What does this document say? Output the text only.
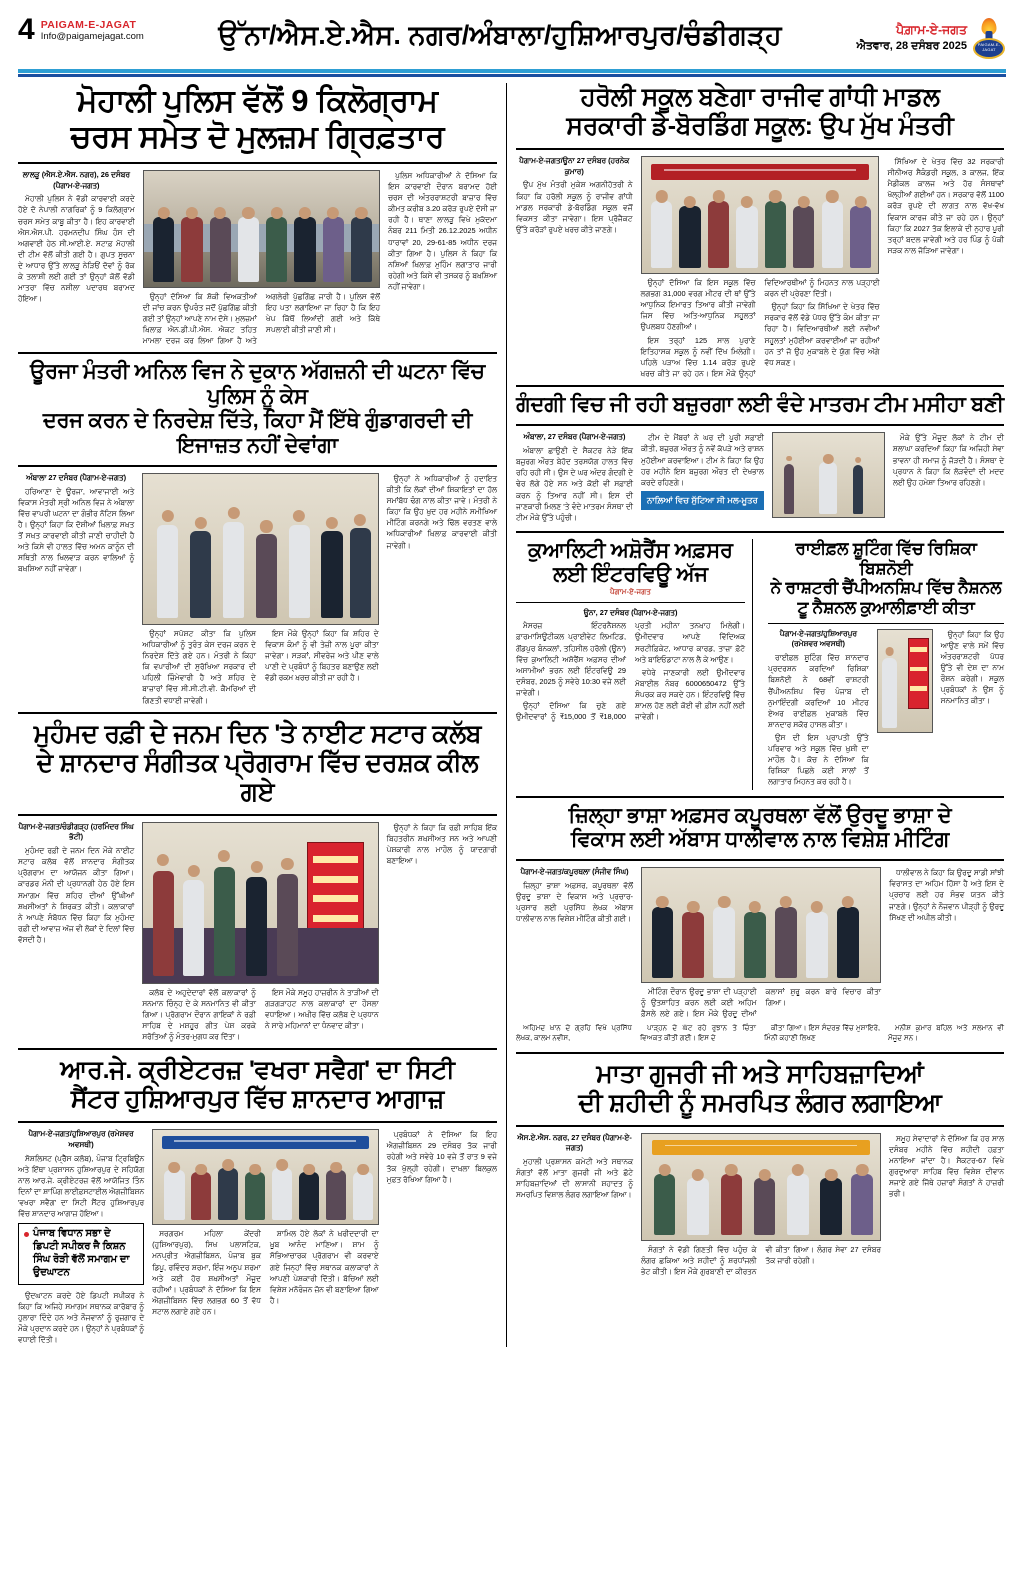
4 PAIGAM-E-JAGAT
Info@paigamejagat.com	ਉੱਨਾ/ਐਸ.ਏ.ਐਸ. ਨਗਰ/ਅੰਬਾਲਾ/ਹੁਸ਼ਿਆਰਪੁਰ/ਚੰਡੀਗੜ੍ਹ	ਪੈਗ਼ਾਮ-ਏ-ਜਗਤ
ਐਤਵਾਰ, 28 ਦਸੰਬਰ 2025	PAIGAM-E-JAGAT
ਮੋਹਾਲੀ ਪੁਲਿਸ ਵੱਲੋਂ 9 ਕਿਲੋਗ੍ਰਾਮ
ਚਰਸ ਸਮੇਤ ਦੋ ਮੁਲਜ਼ਮ ਗ੍ਰਿਫ਼ਤਾਰ
ਲਾਲੜੂ (ਐਸ.ਏ.ਐਸ. ਨਗਰ), 26 ਦਸੰਬਰ (ਪੈਗਾਮ-ਏ-ਜਗਤ)

ਮੋਹਾਲੀ ਪੁਲਿਸ ਨੇ ਵੱਡੀ ਕਾਰਵਾਈ ਕਰਦੇ ਹੋਏ ਦੋ ਨੇਪਾਲੀ ਨਾਗਰਿਕਾਂ ਨੂੰ 9 ਕਿਲੋਗ੍ਰਾਮ ਚਰਸ ਸਮੇਤ ਕਾਬੂ ਕੀਤਾ ਹੈ। ਇਹ ਕਾਰਵਾਈ ਐਸ.ਐਸ.ਪੀ. ਹਰਮਨਦੀਪ ਸਿੰਘ ਹੰਸ ਦੀ ਅਗਵਾਈ ਹੇਠ ਸੀ.ਆਈ.ਏ. ਸਟਾਫ਼ ਮੋਹਾਲੀ ਦੀ ਟੀਮ ਵੱਲੋਂ ਕੀਤੀ ਗਈ ਹੈ। ਗੁਪਤ ਸੂਚਨਾ ਦੇ ਆਧਾਰ ਉੱਤੇ ਲਾਲੜੂ ਨੇੜਿਓਂ ਦੋਵਾਂ ਨੂੰ ਰੋਕ ਕੇ ਤਲਾਸ਼ੀ ਲਈ ਗਈ ਤਾਂ ਉਨ੍ਹਾਂ ਕੋਲੋਂ ਵੱਡੀ ਮਾਤਰਾ ਵਿੱਚ ਨਸ਼ੀਲਾ ਪਦਾਰਥ ਬਰਾਮਦ ਹੋਇਆ।	ਉਨ੍ਹਾਂ ਦੱਸਿਆ ਕਿ ਸ਼ੱਕੀ ਵਿਅਕਤੀਆਂ ਦੀ ਜਾਂਚ ਕਰਨ ਉਪਰੰਤ ਜਦੋਂ ਪੁੱਛਗਿੱਛ ਕੀਤੀ ਗਈ ਤਾਂ ਉਨ੍ਹਾਂ ਆਪਣੇ ਨਾਮ ਦੱਸੇ। ਮੁਲਜ਼ਮਾਂ ਖ਼ਿਲਾਫ਼ ਐਨ.ਡੀ.ਪੀ.ਐਸ. ਐਕਟ ਤਹਿਤ ਮਾਮਲਾ ਦਰਜ ਕਰ ਲਿਆ ਗਿਆ ਹੈ ਅਤੇ ਅਗਲੇਰੀ ਪੁੱਛਗਿੱਛ ਜਾਰੀ ਹੈ। ਪੁਲਿਸ ਵੱਲੋਂ ਇਹ ਪਤਾ ਲਗਾਇਆ ਜਾ ਰਿਹਾ ਹੈ ਕਿ ਇਹ ਖੇਪ ਕਿੱਥੋਂ ਲਿਆਂਦੀ ਗਈ ਅਤੇ ਕਿੱਥੇ ਸਪਲਾਈ ਕੀਤੀ ਜਾਣੀ ਸੀ।

ਪੁਲਿਸ ਅਧਿਕਾਰੀਆਂ ਨੇ ਦੱਸਿਆ ਕਿ ਇਸ ਕਾਰਵਾਈ ਦੌਰਾਨ ਬਰਾਮਦ ਹੋਈ ਚਰਸ ਦੀ ਅੰਤਰਰਾਸ਼ਟਰੀ ਬਾਜ਼ਾਰ ਵਿੱਚ ਕੀਮਤ ਕਰੀਬ 3.20 ਕਰੋੜ ਰੁਪਏ ਦੱਸੀ ਜਾ ਰਹੀ ਹੈ। ਥਾਣਾ ਲਾਲੜੂ ਵਿਖੇ ਮੁਕੱਦਮਾ ਨੰਬਰ 211 ਮਿਤੀ 26.12.2025 ਅਧੀਨ ਧਾਰਾਵਾਂ 20, 29-61-85 ਅਧੀਨ ਦਰਜ ਕੀਤਾ ਗਿਆ ਹੈ। ਪੁਲਿਸ ਨੇ ਕਿਹਾ ਕਿ ਨਸ਼ਿਆਂ ਖ਼ਿਲਾਫ਼ ਮੁਹਿੰਮ ਲਗਾਤਾਰ ਜਾਰੀ ਰਹੇਗੀ ਅਤੇ ਕਿਸੇ ਵੀ ਤਸਕਰ ਨੂੰ ਬਖ਼ਸ਼ਿਆ ਨਹੀਂ ਜਾਵੇਗਾ।

ਊਰਜਾ ਮੰਤਰੀ ਅਨਿਲ ਵਿਜ ਨੇ ਦੁਕਾਨ ਅੱਗਜ਼ਨੀ ਦੀ ਘਟਨਾ ਵਿੱਚ ਪੁਲਿਸ ਨੂੰ ਕੇਸ
ਦਰਜ ਕਰਨ ਦੇ ਨਿਰਦੇਸ਼ ਦਿੱਤੇ, ਕਿਹਾ ਮੈਂ ਇੱਥੇ ਗੁੰਡਾਗਰਦੀ ਦੀ ਇਜਾਜ਼ਤ ਨਹੀਂ ਦੇਵਾਂਗਾ
ਅੰਬਾਲਾ 27 ਦਸੰਬਰ (ਪੈਗਾਮ-ਏ-ਜਗਤ)

ਹਰਿਆਣਾ ਦੇ ਊਰਜਾ, ਆਵਾਜਾਈ ਅਤੇ ਵਿਕਾਸ ਮੰਤਰੀ ਸ੍ਰੀ ਅਨਿਲ ਵਿਜ ਨੇ ਅੰਬਾਲਾ ਵਿੱਚ ਵਾਪਰੀ ਘਟਨਾ ਦਾ ਗੰਭੀਰ ਨੋਟਿਸ ਲਿਆ ਹੈ। ਉਨ੍ਹਾਂ ਕਿਹਾ ਕਿ ਦੋਸ਼ੀਆਂ ਖ਼ਿਲਾਫ਼ ਸਖ਼ਤ ਤੋਂ ਸਖ਼ਤ ਕਾਰਵਾਈ ਕੀਤੀ ਜਾਣੀ ਚਾਹੀਦੀ ਹੈ ਅਤੇ ਕਿਸੇ ਵੀ ਹਾਲਤ ਵਿੱਚ ਅਮਨ ਕਾਨੂੰਨ ਦੀ ਸਥਿਤੀ ਨਾਲ ਖਿਲਵਾੜ ਕਰਨ ਵਾਲਿਆਂ ਨੂੰ ਬਖ਼ਸ਼ਿਆ ਨਹੀਂ ਜਾਵੇਗਾ।

ਉਨ੍ਹਾਂ ਸਪੱਸ਼ਟ ਕੀਤਾ ਕਿ ਪੁਲਿਸ ਅਧਿਕਾਰੀਆਂ ਨੂੰ ਤੁਰੰਤ ਕੇਸ ਦਰਜ ਕਰਨ ਦੇ ਨਿਰਦੇਸ਼ ਦਿੱਤੇ ਗਏ ਹਨ। ਮੰਤਰੀ ਨੇ ਕਿਹਾ ਕਿ ਵਪਾਰੀਆਂ ਦੀ ਸੁਰੱਖਿਆ ਸਰਕਾਰ ਦੀ ਪਹਿਲੀ ਜ਼ਿੰਮੇਵਾਰੀ ਹੈ ਅਤੇ ਸ਼ਹਿਰ ਦੇ ਬਾਜ਼ਾਰਾਂ ਵਿੱਚ ਸੀ.ਸੀ.ਟੀ.ਵੀ. ਕੈਮਰਿਆਂ ਦੀ ਗਿਣਤੀ ਵਧਾਈ ਜਾਵੇਗੀ।

ਇਸ ਮੌਕੇ ਉਨ੍ਹਾਂ ਕਿਹਾ ਕਿ ਸ਼ਹਿਰ ਦੇ ਵਿਕਾਸ ਕੰਮਾਂ ਨੂੰ ਵੀ ਤੇਜ਼ੀ ਨਾਲ ਪੂਰਾ ਕੀਤਾ ਜਾਵੇਗਾ। ਸੜਕਾਂ, ਸੀਵਰੇਜ ਅਤੇ ਪੀਣ ਵਾਲੇ ਪਾਣੀ ਦੇ ਪ੍ਰਬੰਧਾਂ ਨੂੰ ਬਿਹਤਰ ਬਣਾਉਣ ਲਈ ਵੱਡੀ ਰਕਮ ਖ਼ਰਚ ਕੀਤੀ ਜਾ ਰਹੀ ਹੈ।

ਉਨ੍ਹਾਂ ਨੇ ਅਧਿਕਾਰੀਆਂ ਨੂੰ ਹਦਾਇਤ ਕੀਤੀ ਕਿ ਲੋਕਾਂ ਦੀਆਂ ਸ਼ਿਕਾਇਤਾਂ ਦਾ ਹੱਲ ਸਮਾਂਬੱਧ ਢੰਗ ਨਾਲ ਕੀਤਾ ਜਾਵੇ। ਮੰਤਰੀ ਨੇ ਕਿਹਾ ਕਿ ਉਹ ਖ਼ੁਦ ਹਰ ਮਹੀਨੇ ਸਮੀਖਿਆ ਮੀਟਿੰਗ ਕਰਨਗੇ ਅਤੇ ਢਿੱਲ ਵਰਤਣ ਵਾਲੇ ਅਧਿਕਾਰੀਆਂ ਖ਼ਿਲਾਫ਼ ਕਾਰਵਾਈ ਕੀਤੀ ਜਾਵੇਗੀ।

ਮੁਹੰਮਦ ਰਫ਼ੀ ਦੇ ਜਨਮ ਦਿਨ 'ਤੇ ਨਾਈਟ ਸਟਾਰ ਕਲੱਬ
ਦੇ ਸ਼ਾਨਦਾਰ ਸੰਗੀਤਕ ਪ੍ਰੋਗਰਾਮ ਵਿੱਚ ਦਰਸ਼ਕ ਕੀਲ ਗਏ
ਪੈਗਾਮ-ਏ-ਜਗਤ/ਚੰਡੀਗੜ੍ਹ (ਹਰਮਿੰਦਰ ਸਿੰਘ ਭੱਟੀ)

ਮੁਹੰਮਦ ਰਫ਼ੀ ਦੇ ਜਨਮ ਦਿਨ ਮੌਕੇ ਨਾਈਟ ਸਟਾਰ ਕਲੱਬ ਵੱਲੋਂ ਸ਼ਾਨਦਾਰ ਸੰਗੀਤਕ ਪ੍ਰੋਗਰਾਮ ਦਾ ਆਯੋਜਨ ਕੀਤਾ ਗਿਆ। ਕਾਰਡਰ ਮੰਨੀ ਦੀ ਪ੍ਰਧਾਨਗੀ ਹੇਠ ਹੋਏ ਇਸ ਸਮਾਗਮ ਵਿੱਚ ਸ਼ਹਿਰ ਦੀਆਂ ਉੱਘੀਆਂ ਸ਼ਖ਼ਸੀਅਤਾਂ ਨੇ ਸ਼ਿਰਕਤ ਕੀਤੀ। ਕਲਾਕਾਰਾਂ ਨੇ ਆਪਣੇ ਸੰਬੋਧਨ ਵਿੱਚ ਕਿਹਾ ਕਿ ਮੁਹੰਮਦ ਰਫ਼ੀ ਦੀ ਆਵਾਜ਼ ਅੱਜ ਵੀ ਲੋਕਾਂ ਦੇ ਦਿਲਾਂ ਵਿੱਚ ਵੱਸਦੀ ਹੈ।

ਕਲੱਬ ਦੇ ਅਹੁਦੇਦਾਰਾਂ ਵੱਲੋਂ ਕਲਾਕਾਰਾਂ ਨੂੰ ਸਨਮਾਨ ਚਿੰਨ੍ਹ ਦੇ ਕੇ ਸਨਮਾਨਿਤ ਵੀ ਕੀਤਾ ਗਿਆ। ਪ੍ਰੋਗਰਾਮ ਦੌਰਾਨ ਗਾਇਕਾਂ ਨੇ ਰਫ਼ੀ ਸਾਹਿਬ ਦੇ ਮਸ਼ਹੂਰ ਗੀਤ ਪੇਸ਼ ਕਰਕੇ ਸਰੋਤਿਆਂ ਨੂੰ ਮੰਤਰ-ਮੁਗਧ ਕਰ ਦਿੱਤਾ।

ਇਸ ਮੌਕੇ ਸਮੂਹ ਹਾਜ਼ਰੀਨ ਨੇ ਤਾੜੀਆਂ ਦੀ ਗੜਗੜਾਹਟ ਨਾਲ ਕਲਾਕਾਰਾਂ ਦਾ ਹੌਸਲਾ ਵਧਾਇਆ। ਅਖ਼ੀਰ ਵਿੱਚ ਕਲੱਬ ਦੇ ਪ੍ਰਧਾਨ ਨੇ ਸਾਰੇ ਮਹਿਮਾਨਾਂ ਦਾ ਧੰਨਵਾਦ ਕੀਤਾ।

ਉਨ੍ਹਾਂ ਨੇ ਕਿਹਾ ਕਿ ਰਫ਼ੀ ਸਾਹਿਬ ਇੱਕ ਬਿਹਤਰੀਨ ਸ਼ਖ਼ਸੀਅਤ ਸਨ ਅਤੇ ਆਪਣੀ ਪੇਸ਼ਕਾਰੀ ਨਾਲ ਮਾਹੌਲ ਨੂੰ ਯਾਦਗਾਰੀ ਬਣਾਇਆ।

ਆਰ.ਜੇ. ਕ੍ਰੀਏਟਰਜ਼ 'ਵਖਰਾ ਸਵੈਗ' ਦਾ ਸਿਟੀ
ਸੈਂਟਰ ਹੁਸ਼ਿਆਰਪੁਰ ਵਿੱਚ ਸ਼ਾਨਦਾਰ ਆਗਾਜ਼
ਪੈਗਾਮ-ਏ-ਜਗਤ/ਹੁਸ਼ਿਆਰਪੁਰ (ਰਮੇਸ਼ਵਰ ਅਵਸਥੀ)

ਸੋਸ਼ਲਿਸਟ (ਪ੍ਰੈੱਸ ਕਲੱਬ), ਪੰਜਾਬ ਟ੍ਰਿਬਿਊਨ ਅਤੇ ਇੱਥਾ ਪ੍ਰਸ਼ਾਸਨ ਹੁਸ਼ਿਆਰਪੁਰ ਦੇ ਸਹਿਯੋਗ ਨਾਲ ਆਰ.ਜੇ. ਕ੍ਰੀਏਟਰਜ਼ ਵੱਲੋਂ ਆਯੋਜਿਤ ਤਿੰਨ ਦਿਨਾਂ ਦਾ ਸ਼ਾਪਿੰਗ ਲਾਈਫ਼ਸਟਾਈਲ ਐਗਜ਼ੀਬਿਸ਼ਨ 'ਵਖਰਾ ਸਵੈਗ' ਦਾ ਸਿਟੀ ਸੈਂਟਰ ਹੁਸ਼ਿਆਰਪੁਰ ਵਿੱਚ ਸ਼ਾਨਦਾਰ ਆਗਾਜ਼ ਹੋਇਆ।

ਪੰਜਾਬ ਵਿਧਾਨ ਸਭਾ ਦੇ ਡਿਪਟੀ ਸਪੀਕਰ ਜੈ ਕਿਸ਼ਨ ਸਿੰਘ ਰੋੜੀ ਵੱਲੋਂ ਸਮਾਗਮ ਦਾ ਉਦਘਾਟਨ

ਉਦਘਾਟਨ ਕਰਦੇ ਹੋਏ ਡਿਪਟੀ ਸਪੀਕਰ ਨੇ ਕਿਹਾ ਕਿ ਅਜਿਹੇ ਸਮਾਗਮ ਸਥਾਨਕ ਕਾਰੋਬਾਰ ਨੂੰ ਹੁਲਾਰਾ ਦਿੰਦੇ ਹਨ ਅਤੇ ਨੌਜਵਾਨਾਂ ਨੂੰ ਰੁਜ਼ਗਾਰ ਦੇ ਮੌਕੇ ਪ੍ਰਦਾਨ ਕਰਦੇ ਹਨ। ਉਨ੍ਹਾਂ ਨੇ ਪ੍ਰਬੰਧਕਾਂ ਨੂੰ ਵਧਾਈ ਦਿੱਤੀ।

ਸਰਗਰਮ ਮਹਿਲਾ ਕੇਂਦਰੀ (ਹੁਸ਼ਿਆਰਪੁਰ), ਸਿਖ ਪਲਾਸਟਿਕ, ਮਨਪ੍ਰੀਤ ਐਗਜ਼ੀਬਿਸ਼ਨ, ਪੰਜਾਬ ਬੁਕ ਡਿਪੂ, ਰਵਿੰਦਰ ਸ਼ਰਮਾ, ਇੰਜ ਅਨੂਪ ਸ਼ਰਮਾ ਅਤੇ ਕਈ ਹੋਰ ਸ਼ਖ਼ਸੀਅਤਾਂ ਮੌਜੂਦ ਰਹੀਆਂ। ਪ੍ਰਬੰਧਕਾਂ ਨੇ ਦੱਸਿਆ ਕਿ ਇਸ ਐਗਜ਼ੀਬਿਸ਼ਨ ਵਿੱਚ ਲਗਭਗ 60 ਤੋਂ ਵੱਧ ਸਟਾਲ ਲਗਾਏ ਗਏ ਹਨ।

ਸ਼ਾਮਿਲ ਹੋਏ ਲੋਕਾਂ ਨੇ ਖ਼ਰੀਦਦਾਰੀ ਦਾ ਖ਼ੂਬ ਆਨੰਦ ਮਾਣਿਆ। ਸ਼ਾਮ ਨੂੰ ਸੱਭਿਆਚਾਰਕ ਪ੍ਰੋਗਰਾਮ ਵੀ ਕਰਵਾਏ ਗਏ ਜਿਨ੍ਹਾਂ ਵਿੱਚ ਸਥਾਨਕ ਕਲਾਕਾਰਾਂ ਨੇ ਆਪਣੀ ਪੇਸ਼ਕਾਰੀ ਦਿੱਤੀ। ਬੱਚਿਆਂ ਲਈ ਵਿਸ਼ੇਸ਼ ਮਨੋਰੰਜਨ ਜ਼ੋਨ ਵੀ ਬਣਾਇਆ ਗਿਆ ਹੈ।

ਪ੍ਰਬੰਧਕਾਂ ਨੇ ਦੱਸਿਆ ਕਿ ਇਹ ਐਗਜ਼ੀਬਿਸ਼ਨ 29 ਦਸੰਬਰ ਤੱਕ ਜਾਰੀ ਰਹੇਗੀ ਅਤੇ ਸਵੇਰੇ 10 ਵਜੇ ਤੋਂ ਰਾਤ 9 ਵਜੇ ਤੱਕ ਖੁੱਲ੍ਹੀ ਰਹੇਗੀ। ਦਾਖ਼ਲਾ ਬਿਲਕੁਲ ਮੁਫ਼ਤ ਰੱਖਿਆ ਗਿਆ ਹੈ।

ਹਰੋਲੀ ਸਕੂਲ ਬਣੇਗਾ ਰਾਜੀਵ ਗਾਂਧੀ ਮਾਡਲ
ਸਰਕਾਰੀ ਡੇ-ਬੋਰਡਿੰਗ ਸਕੂਲ: ਉਪ ਮੁੱਖ ਮੰਤਰੀ
ਪੈਗਾਮ-ਏ-ਜਗਤ/ਊਨਾ 27 ਦਸੰਬਰ (ਹਰਨੇਕ ਕੁਮਾਰ)

ਉਪ ਮੁੱਖ ਮੰਤਰੀ ਮੁਕੇਸ਼ ਅਗਨੀਹੋਤਰੀ ਨੇ ਕਿਹਾ ਕਿ ਹਰੋਲੀ ਸਕੂਲ ਨੂੰ ਰਾਜੀਵ ਗਾਂਧੀ ਮਾਡਲ ਸਰਕਾਰੀ ਡੇ-ਬੋਰਡਿੰਗ ਸਕੂਲ ਵਜੋਂ ਵਿਕਸਤ ਕੀਤਾ ਜਾਵੇਗਾ। ਇਸ ਪ੍ਰੋਜੈਕਟ ਉੱਤੇ ਕਰੋੜਾਂ ਰੁਪਏ ਖ਼ਰਚ ਕੀਤੇ ਜਾਣਗੇ।

ਉਨ੍ਹਾਂ ਦੱਸਿਆ ਕਿ ਇਸ ਸਕੂਲ ਵਿੱਚ ਲਗਭਗ 31,000 ਵਰਗ ਮੀਟਰ ਦੀ ਥਾਂ ਉੱਤੇ ਆਧੁਨਿਕ ਇਮਾਰਤ ਤਿਆਰ ਕੀਤੀ ਜਾਵੇਗੀ ਜਿਸ ਵਿੱਚ ਅਤਿ-ਆਧੁਨਿਕ ਸਹੂਲਤਾਂ ਉਪਲਬਧ ਹੋਣਗੀਆਂ।

ਇਸ ਤਰ੍ਹਾਂ 125 ਸਾਲ ਪੁਰਾਣੇ ਇਤਿਹਾਸਕ ਸਕੂਲ ਨੂੰ ਨਵੀਂ ਦਿੱਖ ਮਿਲੇਗੀ। ਪਹਿਲੇ ਪੜਾਅ ਵਿੱਚ 1.14 ਕਰੋੜ ਰੁਪਏ ਖ਼ਰਚ ਕੀਤੇ ਜਾ ਰਹੇ ਹਨ। ਇਸ ਮੌਕੇ ਉਨ੍ਹਾਂ ਵਿਦਿਆਰਥੀਆਂ ਨੂੰ ਮਿਹਨਤ ਨਾਲ ਪੜ੍ਹਾਈ ਕਰਨ ਦੀ ਪ੍ਰੇਰਣਾ ਦਿੱਤੀ।

ਉਨ੍ਹਾਂ ਕਿਹਾ ਕਿ ਸਿੱਖਿਆ ਦੇ ਖੇਤਰ ਵਿੱਚ ਸਰਕਾਰ ਵੱਲੋਂ ਵੱਡੇ ਪੱਧਰ ਉੱਤੇ ਕੰਮ ਕੀਤਾ ਜਾ ਰਿਹਾ ਹੈ। ਵਿਦਿਆਰਥੀਆਂ ਲਈ ਨਵੀਆਂ ਸਹੂਲਤਾਂ ਮੁਹੱਈਆ ਕਰਵਾਈਆਂ ਜਾ ਰਹੀਆਂ ਹਨ ਤਾਂ ਜੋ ਉਹ ਮੁਕਾਬਲੇ ਦੇ ਯੁੱਗ ਵਿੱਚ ਅੱਗੇ ਵੱਧ ਸਕਣ।

ਸਿੱਖਿਆ ਦੇ ਖੇਤਰ ਵਿੱਚ 32 ਸਰਕਾਰੀ ਸੀਨੀਅਰ ਸੈਕੰਡਰੀ ਸਕੂਲ, 3 ਕਾਲਜ, ਇੱਕ ਮੈਡੀਕਲ ਕਾਲਜ ਅਤੇ ਹੋਰ ਸੰਸਥਾਵਾਂ ਖੋਲ੍ਹੀਆਂ ਗਈਆਂ ਹਨ। ਸਰਕਾਰ ਵੱਲੋਂ 1100 ਕਰੋੜ ਰੁਪਏ ਦੀ ਲਾਗਤ ਨਾਲ ਵੱਖ-ਵੱਖ ਵਿਕਾਸ ਕਾਰਜ ਕੀਤੇ ਜਾ ਰਹੇ ਹਨ। ਉਨ੍ਹਾਂ ਕਿਹਾ ਕਿ 2027 ਤੱਕ ਇਲਾਕੇ ਦੀ ਨੁਹਾਰ ਪੂਰੀ ਤਰ੍ਹਾਂ ਬਦਲ ਜਾਵੇਗੀ ਅਤੇ ਹਰ ਪਿੰਡ ਨੂੰ ਪੱਕੀ ਸੜਕ ਨਾਲ ਜੋੜਿਆ ਜਾਵੇਗਾ।

ਗੰਦਗੀ ਵਿਚ ਜੀ ਰਹੀ ਬਜ਼ੁਰਗਾ ਲਈ ਵੰਦੇ ਮਾਤਰਮ ਟੀਮ ਮਸੀਹਾ ਬਣੀ
ਅੰਬਾਲਾ, 27 ਦਸੰਬਰ (ਪੈਗਾਮ-ਏ-ਜਗਤ)

ਅੰਬਾਲਾ ਛਾਉਣੀ ਦੇ ਸੈਕਟਰ ਨੇੜੇ ਇੱਕ ਬਜ਼ੁਰਗ ਔਰਤ ਬੇਹੱਦ ਤਰਸਯੋਗ ਹਾਲਤ ਵਿੱਚ ਰਹਿ ਰਹੀ ਸੀ। ਉਸ ਦੇ ਘਰ ਅੰਦਰ ਗੰਦਗੀ ਦੇ ਢੇਰ ਲੱਗੇ ਹੋਏ ਸਨ ਅਤੇ ਕੋਈ ਵੀ ਸਫ਼ਾਈ ਕਰਨ ਨੂੰ ਤਿਆਰ ਨਹੀਂ ਸੀ। ਇਸ ਦੀ ਜਾਣਕਾਰੀ ਮਿਲਣ 'ਤੇ ਵੰਦੇ ਮਾਤਰਮ ਸੰਸਥਾ ਦੀ ਟੀਮ ਮੌਕੇ ਉੱਤੇ ਪਹੁੰਚੀ।

ਟੀਮ ਦੇ ਮੈਂਬਰਾਂ ਨੇ ਘਰ ਦੀ ਪੂਰੀ ਸਫ਼ਾਈ ਕੀਤੀ, ਬਜ਼ੁਰਗ ਔਰਤ ਨੂੰ ਨਵੇਂ ਕੱਪੜੇ ਅਤੇ ਰਾਸ਼ਨ ਮੁਹੱਈਆ ਕਰਵਾਇਆ। ਟੀਮ ਨੇ ਕਿਹਾ ਕਿ ਉਹ ਹਰ ਮਹੀਨੇ ਇਸ ਬਜ਼ੁਰਗ ਔਰਤ ਦੀ ਦੇਖਭਾਲ ਕਰਦੇ ਰਹਿਣਗੇ।

ਨਾਲ਼ਿਆਂ ਵਿਚ ਸੁੱਟਿਆ ਸੀ ਮਲ-ਮੂਤਰ

ਮੌਕੇ ਉੱਤੇ ਮੌਜੂਦ ਲੋਕਾਂ ਨੇ ਟੀਮ ਦੀ ਸ਼ਲਾਘਾ ਕਰਦਿਆਂ ਕਿਹਾ ਕਿ ਅਜਿਹੀ ਸੇਵਾ ਭਾਵਨਾ ਹੀ ਸਮਾਜ ਨੂੰ ਜੋੜਦੀ ਹੈ। ਸੰਸਥਾ ਦੇ ਪ੍ਰਧਾਨ ਨੇ ਕਿਹਾ ਕਿ ਲੋੜਵੰਦਾਂ ਦੀ ਮਦਦ ਲਈ ਉਹ ਹਮੇਸ਼ਾ ਤਿਆਰ ਰਹਿਣਗੇ।

ਕੁਆਲਿਟੀ ਅਸ਼ੋਰੈਂਸ ਅਫ਼ਸਰ
ਲਈ ਇੰਟਰਵਿਊ ਅੱਜ
ਪੈਗਾਮ-ਏ-ਜਗਤ
ਊਨਾ, 27 ਦਸੰਬਰ (ਪੈਗਾਮ-ਏ-ਜਗਤ)

ਮੈਸਰਜ਼ ਇੰਟਰਨੈਸ਼ਨਲ ਫ਼ਾਰਮਾਸਿਊਟੀਕਲ ਪ੍ਰਾਈਵੇਟ ਲਿਮਟਿਡ, ਗੋਂਡਪੁਰ ਬੰਨਕਲਾਂ, ਤਹਿਸੀਲ ਹਰੋਲੀ (ਊਨਾ) ਵਿੱਚ ਕੁਆਲਿਟੀ ਅਸ਼ੋਰੈਂਸ ਅਫ਼ਸਰ ਦੀਆਂ ਅਸਾਮੀਆਂ ਭਰਨ ਲਈ ਇੰਟਰਵਿਊ 29 ਦਸੰਬਰ, 2025 ਨੂੰ ਸਵੇਰੇ 10:30 ਵਜੇ ਲਈ ਜਾਵੇਗੀ।

ਉਨ੍ਹਾਂ ਦੱਸਿਆ ਕਿ ਚੁਣੇ ਗਏ ਉਮੀਦਵਾਰਾਂ ਨੂੰ ₹15,000 ਤੋਂ ₹18,000 ਪ੍ਰਤੀ ਮਹੀਨਾ ਤਨਖ਼ਾਹ ਮਿਲੇਗੀ। ਉਮੀਦਵਾਰ ਆਪਣੇ ਵਿੱਦਿਅਕ ਸਰਟੀਫ਼ਿਕੇਟ, ਆਧਾਰ ਕਾਰਡ, ਤਾਜ਼ਾ ਫ਼ੋਟੋ ਅਤੇ ਬਾਇਓਡਾਟਾ ਨਾਲ ਲੈ ਕੇ ਆਉਣ।

ਵਧੇਰੇ ਜਾਣਕਾਰੀ ਲਈ ਉਮੀਦਵਾਰ ਮੋਬਾਈਲ ਨੰਬਰ 6000650472 ਉੱਤੇ ਸੰਪਰਕ ਕਰ ਸਕਦੇ ਹਨ। ਇੰਟਰਵਿਊ ਵਿੱਚ ਸ਼ਾਮਲ ਹੋਣ ਲਈ ਕੋਈ ਵੀ ਫ਼ੀਸ ਨਹੀਂ ਲਈ ਜਾਵੇਗੀ।

ਰਾਈਫ਼ਲ ਸ਼ੂਟਿੰਗ ਵਿੱਚ ਰਿਸ਼ਿਕਾ ਬਿਸ਼ਨੋਈ
ਨੇ ਰਾਸ਼ਟਰੀ ਚੈਂਪੀਅਨਸ਼ਿਪ ਵਿੱਚ ਨੈਸ਼ਨਲ
ਟੂ ਨੈਸ਼ਨਲ ਕੁਆਲੀਫ਼ਾਈ ਕੀਤਾ
ਪੈਗਾਮ-ਏ-ਜਗਤ/ਹੁਸ਼ਿਆਰਪੁਰ (ਰਮੇਸ਼ਵਰ ਅਵਸਥੀ)

ਰਾਈਫ਼ਲ ਸ਼ੂਟਿੰਗ ਵਿੱਚ ਸ਼ਾਨਦਾਰ ਪ੍ਰਦਰਸ਼ਨ ਕਰਦਿਆਂ ਰਿਸ਼ਿਕਾ ਬਿਸ਼ਨੋਈ ਨੇ 68ਵੀਂ ਰਾਸ਼ਟਰੀ ਚੈਂਪੀਅਨਸ਼ਿਪ ਵਿੱਚ ਪੰਜਾਬ ਦੀ ਨੁਮਾਇੰਦਗੀ ਕਰਦਿਆਂ 10 ਮੀਟਰ ਏਅਰ ਰਾਈਫ਼ਲ ਮੁਕਾਬਲੇ ਵਿੱਚ ਸ਼ਾਨਦਾਰ ਸਕੋਰ ਹਾਸਲ ਕੀਤਾ।

ਉਸ ਦੀ ਇਸ ਪ੍ਰਾਪਤੀ ਉੱਤੇ ਪਰਿਵਾਰ ਅਤੇ ਸਕੂਲ ਵਿੱਚ ਖ਼ੁਸ਼ੀ ਦਾ ਮਾਹੌਲ ਹੈ। ਕੋਚ ਨੇ ਦੱਸਿਆ ਕਿ ਰਿਸ਼ਿਕਾ ਪਿਛਲੇ ਕਈ ਸਾਲਾਂ ਤੋਂ ਲਗਾਤਾਰ ਮਿਹਨਤ ਕਰ ਰਹੀ ਹੈ।

ਉਨ੍ਹਾਂ ਕਿਹਾ ਕਿ ਉਹ ਆਉਣ ਵਾਲੇ ਸਮੇਂ ਵਿੱਚ ਅੰਤਰਰਾਸ਼ਟਰੀ ਪੱਧਰ ਉੱਤੇ ਵੀ ਦੇਸ਼ ਦਾ ਨਾਮ ਰੌਸ਼ਨ ਕਰੇਗੀ। ਸਕੂਲ ਪ੍ਰਬੰਧਕਾਂ ਨੇ ਉਸ ਨੂੰ ਸਨਮਾਨਿਤ ਕੀਤਾ।

ਜ਼ਿਲ੍ਹਾ ਭਾਸ਼ਾ ਅਫ਼ਸਰ ਕਪੂਰਥਲਾ ਵੱਲੋਂ ਉਰਦੂ ਭਾਸ਼ਾ ਦੇ
ਵਿਕਾਸ ਲਈ ਅੱਬਾਸ ਧਾਲੀਵਾਲ ਨਾਲ ਵਿਸ਼ੇਸ਼ ਮੀਟਿੰਗ
ਪੈਗਾਮ-ਏ-ਜਗਤ/ਕਪੂਰਥਲਾ (ਸੰਜੀਵ ਸਿੰਘ)

ਜ਼ਿਲ੍ਹਾ ਭਾਸ਼ਾ ਅਫ਼ਸਰ, ਕਪੂਰਥਲਾ ਵੱਲੋਂ ਉਰਦੂ ਭਾਸ਼ਾ ਦੇ ਵਿਕਾਸ ਅਤੇ ਪ੍ਰਚਾਰ-ਪ੍ਰਸਾਰ ਲਈ ਪ੍ਰਸਿੱਧ ਲੇਖਕ ਅੱਬਾਸ ਧਾਲੀਵਾਲ ਨਾਲ ਵਿਸ਼ੇਸ਼ ਮੀਟਿੰਗ ਕੀਤੀ ਗਈ।

ਮੀਟਿੰਗ ਦੌਰਾਨ ਉਰਦੂ ਭਾਸ਼ਾ ਦੀ ਪੜ੍ਹਾਈ ਨੂੰ ਉਤਸ਼ਾਹਿਤ ਕਰਨ ਲਈ ਕਈ ਅਹਿਮ ਫ਼ੈਸਲੇ ਲਏ ਗਏ। ਇਸ ਮੌਕੇ ਉਰਦੂ ਦੀਆਂ ਕਲਾਸਾਂ ਸ਼ੁਰੂ ਕਰਨ ਬਾਰੇ ਵਿਚਾਰ ਕੀਤਾ ਗਿਆ।

ਧਾਲੀਵਾਲ ਨੇ ਕਿਹਾ ਕਿ ਉਰਦੂ ਸਾਡੀ ਸਾਂਝੀ ਵਿਰਾਸਤ ਦਾ ਅਹਿਮ ਹਿੱਸਾ ਹੈ ਅਤੇ ਇਸ ਦੇ ਪ੍ਰਚਾਰ ਲਈ ਹਰ ਸੰਭਵ ਯਤਨ ਕੀਤੇ ਜਾਣਗੇ। ਉਨ੍ਹਾਂ ਨੇ ਨੌਜਵਾਨ ਪੀੜ੍ਹੀ ਨੂੰ ਉਰਦੂ ਸਿੱਖਣ ਦੀ ਅਪੀਲ ਕੀਤੀ।

ਅਹਿਮਦ ਖ਼ਾਨ ਦੇ ਗ੍ਰਹਿ ਵਿਖੇ ਪ੍ਰਸਿੱਧ ਲੇਖਕ, ਕਾਲਮ ਨਵੀਸ,

ਪਾੜ੍ਹਨ ਦੇ ਘੱਟ ਰਹੇ ਰੁਝਾਨ ਤੇ ਚਿੰਤਾ ਵਿਅਕਤ ਕੀਤੀ ਗਈ। ਇਸ ਦੇ

ਕੀਤਾ ਗਿਆ। ਇਸ ਸੰਦਰਭ ਵਿੱਚ ਮੁਸ਼ਾਇਰੇ, ਮਿੰਨੀ ਕਹਾਣੀ ਲਿਖਣ

ਮਨੀਸ਼ ਕੁਮਾਰ ਬਹਿਲ ਅਤੇ ਸਲਮਾਨ ਵੀ ਮੌਜੂਦ ਸਨ।

ਮਾਤਾ ਗੁਜਰੀ ਜੀ ਅਤੇ ਸਾਹਿਬਜ਼ਾਦਿਆਂ
ਦੀ ਸ਼ਹੀਦੀ ਨੂੰ ਸਮਰਪਿਤ ਲੰਗਰ ਲਗਾਇਆ
ਐਸ.ਏ.ਐਸ. ਨਗਰ, 27 ਦਸੰਬਰ (ਪੈਗਾਮ-ਏ-ਜਗਤ)

ਮੁਹਾਲੀ ਪ੍ਰਸ਼ਾਸਨ ਕਮੇਟੀ ਅਤੇ ਸਥਾਨਕ ਸੰਗਤਾਂ ਵੱਲੋਂ ਮਾਤਾ ਗੁਜਰੀ ਜੀ ਅਤੇ ਛੋਟੇ ਸਾਹਿਬਜ਼ਾਦਿਆਂ ਦੀ ਲਾਸਾਨੀ ਸ਼ਹਾਦਤ ਨੂੰ ਸਮਰਪਿਤ ਵਿਸ਼ਾਲ ਲੰਗਰ ਲਗਾਇਆ ਗਿਆ।

ਸੰਗਤਾਂ ਨੇ ਵੱਡੀ ਗਿਣਤੀ ਵਿੱਚ ਪਹੁੰਚ ਕੇ ਲੰਗਰ ਛਕਿਆ ਅਤੇ ਸ਼ਹੀਦਾਂ ਨੂੰ ਸ਼ਰਧਾਂਜਲੀ ਭੇਟ ਕੀਤੀ। ਇਸ ਮੌਕੇ ਗੁਰਬਾਣੀ ਦਾ ਕੀਰਤਨ ਵੀ ਕੀਤਾ ਗਿਆ। ਲੰਗਰ ਸੇਵਾ 27 ਦਸੰਬਰ ਤੱਕ ਜਾਰੀ ਰਹੇਗੀ।

ਸਮੂਹ ਸੇਵਾਦਾਰਾਂ ਨੇ ਦੱਸਿਆ ਕਿ ਹਰ ਸਾਲ ਦਸੰਬਰ ਮਹੀਨੇ ਵਿੱਚ ਸ਼ਹੀਦੀ ਹਫ਼ਤਾ ਮਨਾਇਆ ਜਾਂਦਾ ਹੈ। ਸੈਕਟਰ-67 ਵਿਖੇ ਗੁਰਦੁਆਰਾ ਸਾਹਿਬ ਵਿੱਚ ਵਿਸ਼ੇਸ਼ ਦੀਵਾਨ ਸਜਾਏ ਗਏ ਜਿੱਥੇ ਹਜ਼ਾਰਾਂ ਸੰਗਤਾਂ ਨੇ ਹਾਜ਼ਰੀ ਭਰੀ।
